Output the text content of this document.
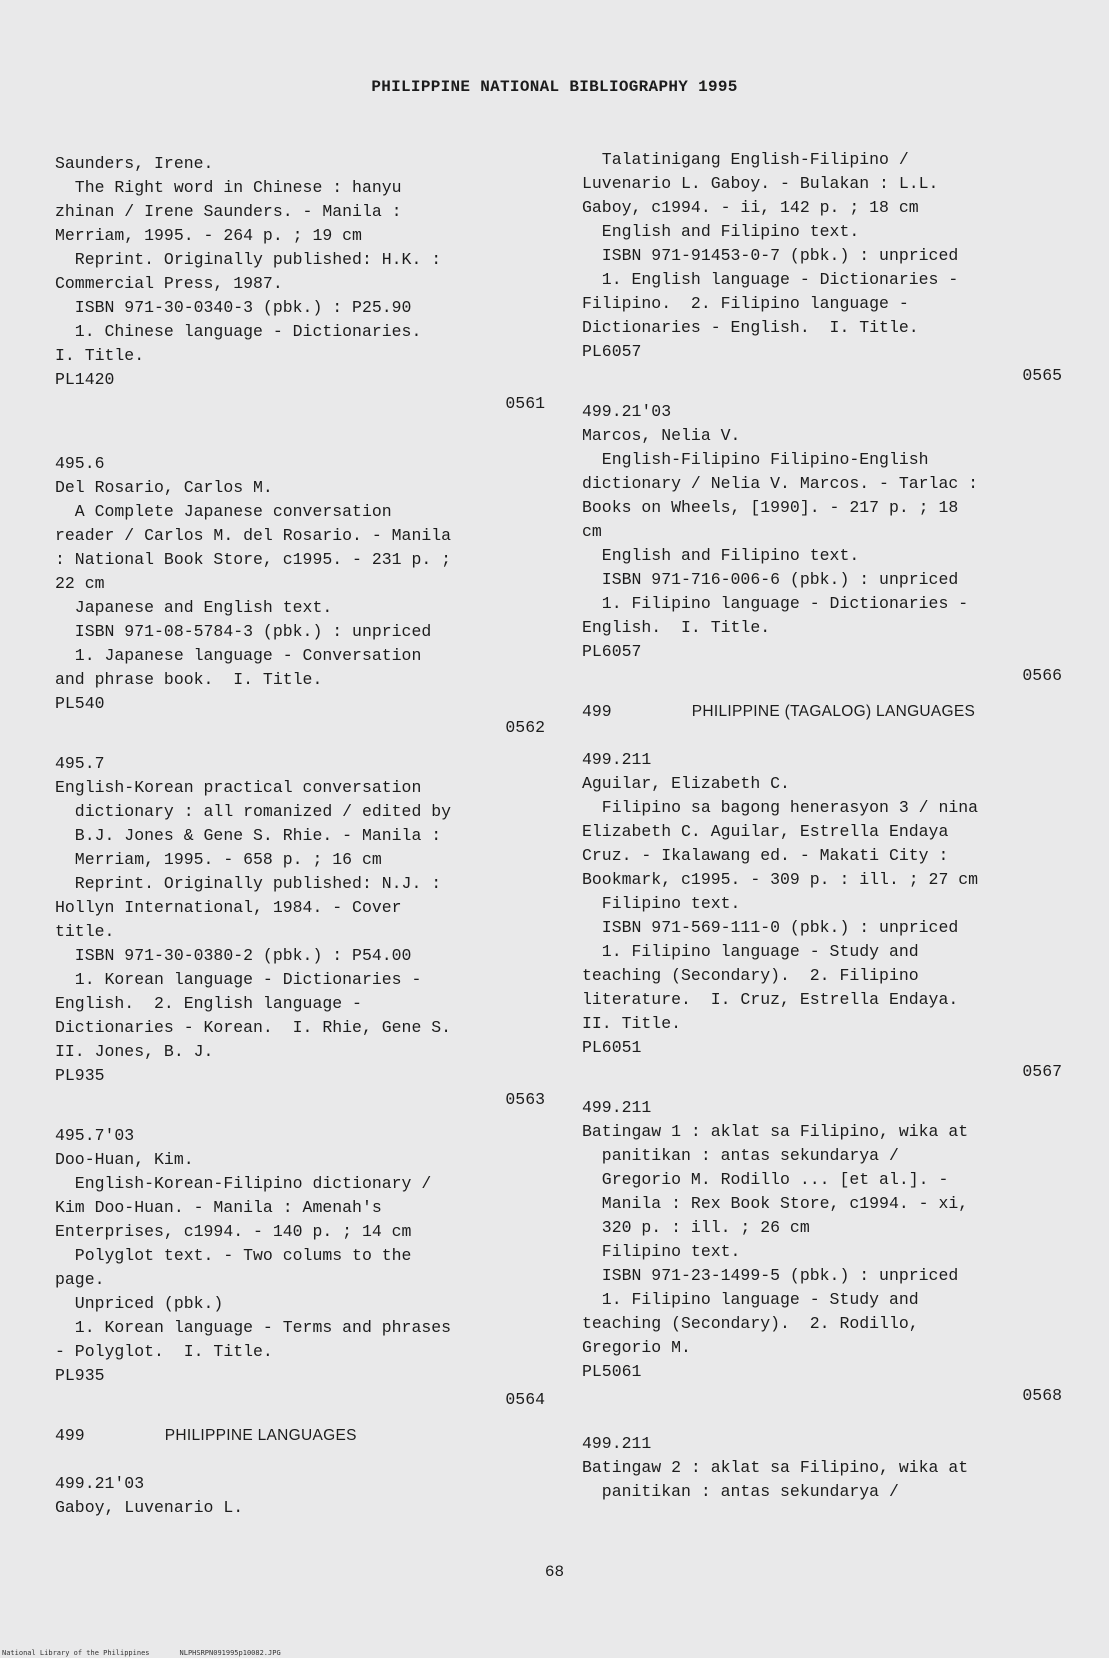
PHILIPPINE NATIONAL BIBLIOGRAPHY 1995
Saunders, Irene.
The Right word in Chinese : hanyu
zhinan / Irene Saunders. - Manila :
Merriam, 1995. - 264 p. ; 19 cm
Reprint. Originally published: H.K. :
Commercial Press, 1987.
ISBN 971-30-0340-3 (pbk.) : P25.90
1. Chinese language - Dictionaries.
I. Title.
PL1420
0561
495.6
Del Rosario, Carlos M.
A Complete Japanese conversation
reader / Carlos M. del Rosario. - Manila
: National Book Store, c1995. - 231 p. ;
22 cm
Japanese and English text.
ISBN 971-08-5784-3 (pbk.) : unpriced
1. Japanese language - Conversation
and phrase book.  I. Title.
PL540
0562
495.7
English-Korean practical conversation
dictionary : all romanized / edited by
B.J. Jones & Gene S. Rhie. - Manila :
Merriam, 1995. - 658 p. ; 16 cm
Reprint. Originally published: N.J. :
Hollyn International, 1984. - Cover
title.
ISBN 971-30-0380-2 (pbk.) : P54.00
1. Korean language - Dictionaries -
English.  2. English language -
Dictionaries - Korean.  I. Rhie, Gene S.
II. Jones, B. J.
PL935
0563
495.7'03
Doo-Huan, Kim.
English-Korean-Filipino dictionary /
Kim Doo-Huan. - Manila : Amenah's
Enterprises, c1994. - 140 p. ; 14 cm
Polyglot text. - Two colums to the
page.
Unpriced (pbk.)
1. Korean language - Terms and phrases
- Polyglot.  I. Title.
PL935
0564
499	PHILIPPINE LANGUAGES
499.21'03
Gaboy, Luvenario L.
Talatinigang English-Filipino /
Luvenario L. Gaboy. - Bulakan : L.L.
Gaboy, c1994. - ii, 142 p. ; 18 cm
English and Filipino text.
ISBN 971-91453-0-7 (pbk.) : unpriced
1. English language - Dictionaries -
Filipino.  2. Filipino language -
Dictionaries - English.  I. Title.
PL6057
0565
499.21'03
Marcos, Nelia V.
English-Filipino Filipino-English
dictionary / Nelia V. Marcos. - Tarlac :
Books on Wheels, [1990]. - 217 p. ; 18
cm
English and Filipino text.
ISBN 971-716-006-6 (pbk.) : unpriced
1. Filipino language - Dictionaries -
English.  I. Title.
PL6057
0566
499	PHILIPPINE (TAGALOG) LANGUAGES
499.211
Aguilar, Elizabeth C.
Filipino sa bagong henerasyon 3 / nina
Elizabeth C. Aguilar, Estrella Endaya
Cruz. - Ikalawang ed. - Makati City :
Bookmark, c1995. - 309 p. : ill. ; 27 cm
Filipino text.
ISBN 971-569-111-0 (pbk.) : unpriced
1. Filipino language - Study and
teaching (Secondary).  2. Filipino
literature.  I. Cruz, Estrella Endaya.
II. Title.
PL6051
0567
499.211
Batingaw 1 : aklat sa Filipino, wika at
panitikan : antas sekundarya /
Gregorio M. Rodillo ... [et al.]. -
Manila : Rex Book Store, c1994. - xi,
320 p. : ill. ; 26 cm
Filipino text.
ISBN 971-23-1499-5 (pbk.) : unpriced
1. Filipino language - Study and
teaching (Secondary).  2. Rodillo,
Gregorio M.
PL5061
0568
499.211
Batingaw 2 : aklat sa Filipino, wika at
panitikan : antas sekundarya /
68
National Library of the Philippines	NLPHSRPN091995p10082.JPG
